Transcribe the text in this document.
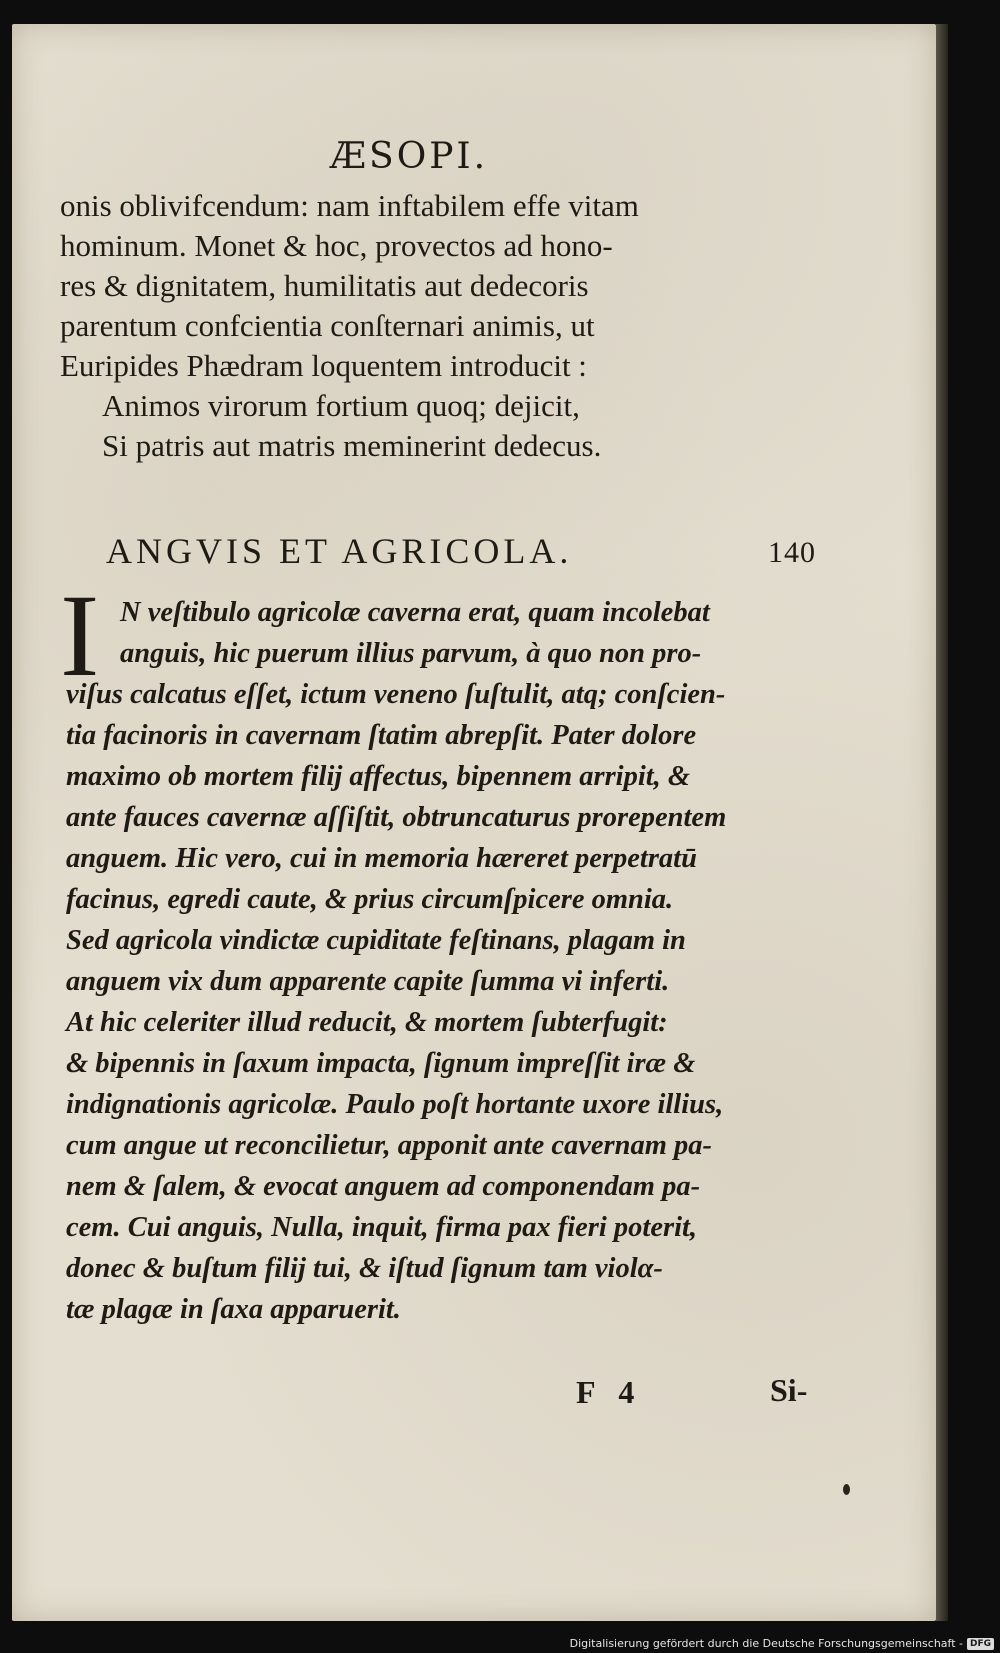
ÆSOPI.

onis oblivifcendum: nam inftabilem effe vitam

hominum. Monet & hoc, provectos ad hono-

res & dignitatem, humilitatis aut dedecoris

parentum confcientia conſternari animis, ut

Euripides Phædram loquentem introducit :

Animos virorum fortium quoq; dejicit,

Si patris aut matris meminerint dedecus.

ANGVIS ET AGRICOLA.	140
I N veſtibulo agricolæ caverna erat, quam incolebat

anguis, hic puerum illius parvum, à quo non pro-

viſus calcatus eſſet, ictum veneno ſuſtulit, atq; conſcien-

tia facinoris in cavernam ſtatim abrepſit. Pater dolore

maximo ob mortem filij affectus, bipennem arripit, &

ante fauces cavernæ aſſiſtit, obtruncaturus prorepentem

anguem. Hic vero, cui in memoria hæreret perpetratū

facinus, egredi caute, & prius circumſpicere omnia.

Sed agricola vindictæ cupiditate feſtinans, plagam in

anguem vix dum apparente capite ſumma vi inferti.

At hic celeriter illud reducit, & mortem ſubterfugit:

& bipennis in ſaxum impacta, ſignum impreſſit iræ &

indignationis agricolæ. Paulo poſt hortante uxore illius,

cum angue ut reconcilietur, apponit ante cavernam pa-

nem & ſalem, & evocat anguem ad componendam pa-

cem. Cui anguis, Nulla, inquit, firma pax fieri poterit,

donec & buſtum filij tui, & iſtud ſignum tam violα-

tæ plagæ in ſaxa apparuerit.

F 4	Si-
Digitalisierung gefördert durch die Deutsche Forschungsgemeinschaft - DFG
